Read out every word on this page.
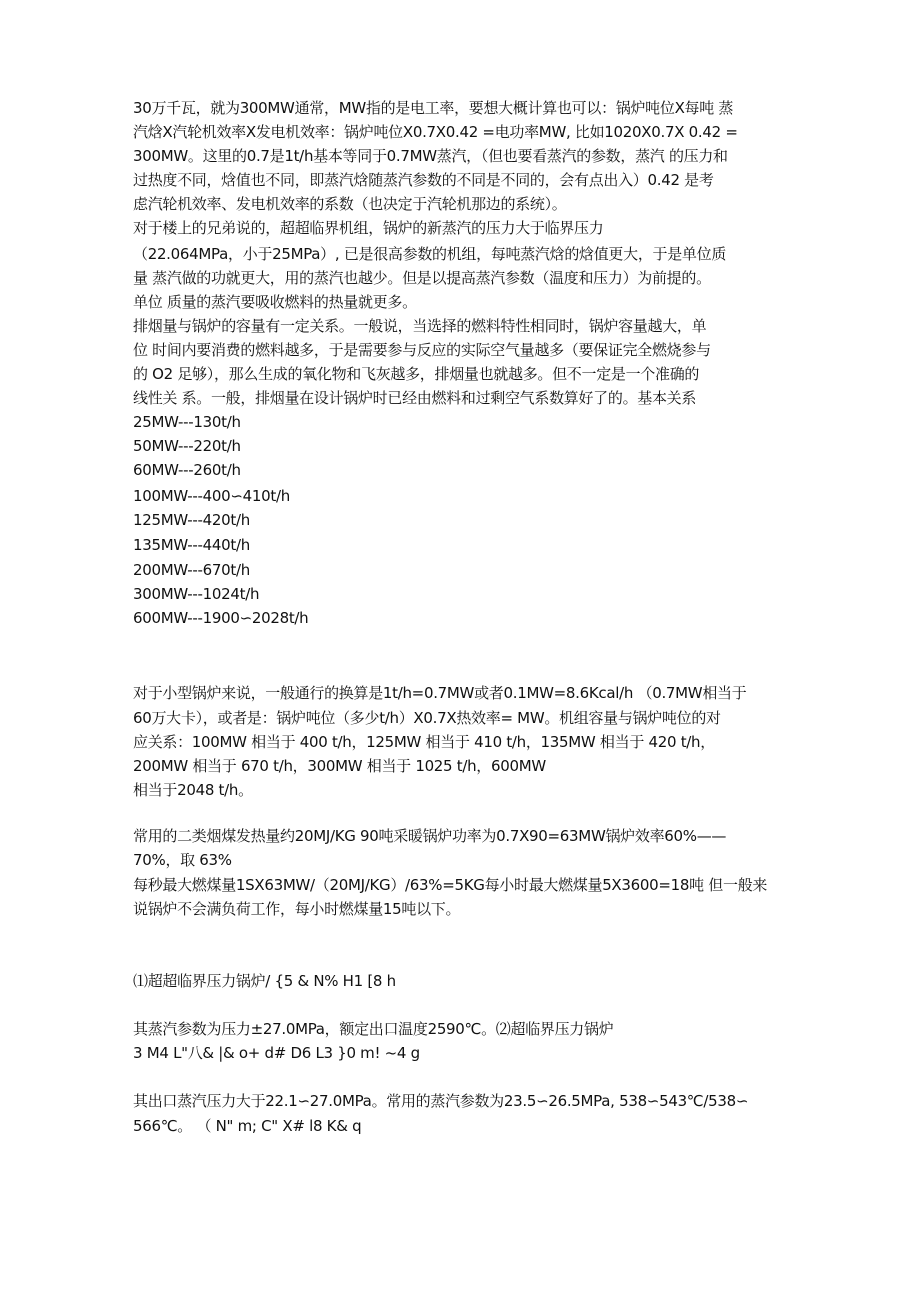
30万千瓦，就为300MW通常，MW指的是电工率，要想大概计算也可以：锅炉吨位X每吨 蒸
汽焓X汽轮机效率X发电机效率：锅炉吨位X0.7X0.42 =电功率MW, 比如1020X0.7X 0.42 =
300MW。这里的0.7是1t/h基本等同于0.7MW蒸汽，（但也要看蒸汽的参数，蒸汽 的压力和
过热度不同，焓值也不同，即蒸汽焓随蒸汽参数的不同是不同的，会有点出入）0.42 是考
虑汽轮机效率、发电机效率的系数（也决定于汽轮机那边的系统）。
对于楼上的兄弟说的，超超临界机组，锅炉的新蒸汽的压力大于临界压力
（22.064MPa，小于25MPa）, 已是很高参数的机组，每吨蒸汽焓的焓值更大，于是单位质
量 蒸汽做的功就更大，用的蒸汽也越少。但是以提高蒸汽参数（温度和压力）为前提的。
单位 质量的蒸汽要吸收燃料的热量就更多。
排烟量与锅炉的容量有一定关系。一般说，当选择的燃料特性相同时，锅炉容量越大，单
位 时间内要消费的燃料越多，于是需要参与反应的实际空气量越多（要保证完全燃烧参与
的 O2 足够），那么生成的氧化物和飞灰越多，排烟量也就越多。但不一定是一个准确的
线性关 系。一般，排烟量在设计锅炉时已经由燃料和过剩空气系数算好了的。基本关系
25MW---130t/h
50MW---220t/h
60MW---260t/h
100MW---400∽410t/h
125MW---420t/h
135MW---440t/h
200MW---670t/h
300MW---1024t/h
600MW---1900∽2028t/h
对于小型锅炉来说，一般通行的换算是1t/h=0.7MW或者0.1MW=8.6Kcal/h （0.7MW相当于
60万大卡），或者是：锅炉吨位（多少t/h）X0.7X热效率= MW。机组容量与锅炉吨位的对
应关系：100MW 相当于 400 t/h，125MW 相当于 410 t/h，135MW 相当于 420 t/h，
200MW 相当于 670 t/h，300MW 相当于 1025 t/h，600MW
相当于2048 t/h。
常用的二类烟煤发热量约20MJ/KG 90吨采暖锅炉功率为0.7X90=63MW锅炉效率60%——
70%，取 63%
每秒最大燃煤量1SX63MW/（20MJ/KG）/63%=5KG每小时最大燃煤量5X3600=18吨 但一般来
说锅炉不会满负荷工作，每小时燃煤量15吨以下。
⑴超超临界压力锅炉/ {5 & N% H1 [8 h
其蒸汽参数为压力±27.0MPa，额定出口温度2590℃。⑵超临界压力锅炉
3 M4 L"八& |& o+ d# D6 L3 }0 m! ~4 g
其出口蒸汽压力大于22.1∽27.0MPa。常用的蒸汽参数为23.5∽26.5MPa, 538∽543℃/538∽
566℃。 （ N" m; C" X# l8 K& q
